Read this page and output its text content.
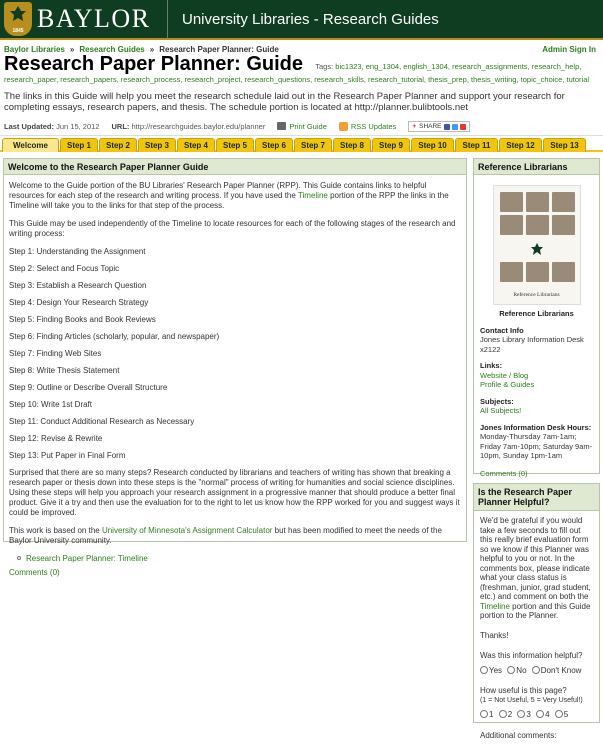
1845 BAYLOR University Libraries - Research Guides
Baylor Libraries » Research Guides » Research Paper Planner: Guide	Admin Sign In
Research Paper Planner: Guide Tags: bic1323, eng_1304, english_1304, research_assignments, research_help, research_paper, research_papers, research_process, research_project, research_questions, research_skills, research_tutorial, thesis_prep, thesis_writing, topic_choice, tutorial
The links in this Guide will help you meet the research schedule laid out in the Research Paper Planner and support your research for completing essays, research papers, and thesis. The schedule portion is located at http://planner.bulibtools.net
Last Updated: Jun 15, 2012 URL: http://researchguides.baylor.edu/planner	Print Guide	RSS Updates + SHARE
Welcome	Step 1	Step 2	Step 3	Step 4	Step 5	Step 6	Step 7	Step 8	Step 9	Step 10	Step 11	Step 12	Step 13
Welcome to the Research Paper Planner Guide

Welcome to the Guide portion of the BU Libraries' Research Paper Planner (RPP). This Guide contains links to helpful resources for each step of the research and writing process. If you have used the Timeline portion of the RPP the links in the Timeline will take you to the links for that step of the process.

This Guide may be used independently of the Timeline to locate resources for each of the following stages of the research and writing process:

Step 1: Understanding the Assignment
Step 2: Select and Focus Topic
Step 3: Establish a Research Question
Step 4: Design Your Research Strategy
Step 5: Finding Books and Book Reviews
Step 6: Finding Articles (scholarly, popular, and newspaper)
Step 7: Finding Web Sites
Step 8: Write Thesis Statement
Step 9: Outline or Describe Overall Structure
Step 10: Write 1st Draft
Step 11: Conduct Additional Research as Necessary
Step 12: Revise & Rewrite
Step 13: Put Paper in Final Form

Surprised that there are so many steps? Research conducted by librarians and teachers of writing has shown that breaking a research paper or thesis down into these steps is the "normal" process of writing for humanities and social science disciplines. Using these steps will help you approach your research assignment in a progressive manner that should produce a better final product. Give it a try and then use the evaluation for to the right to let us know how the RPP worked for you and suggest ways it could be improved.

This work is based on the University of Minnesota's Assignment Calculator but has been modified to meet the needs of the Baylor University community.

Research Paper Planner: Timeline
Comments (0)
Reference Librarians
Reference Librarians
Reference Librarians
Contact Info
Jones Library Information Desk
x2122
Links:
Website / Blog
Profile & Guides
Subjects:
All Subjects!
Jones Information Desk Hours:
Monday-Thursday 7am-1am; Friday 7am-10pm; Saturday 9am-10pm, Sunday 1pm-1am
Comments (0)
Is the Research Paper Planner Helpful?
We'd be grateful if you would take a few seconds to fill out this really brief evaluation form so we know if this Planner was helpful to you or not. In the comments box, please indicate what your class status is (freshman, junior, grad student, etc.) and comment on both the Timeline portion and this Guide portion to the Planner.
Thanks!
Was this information helpful?
Yes No Don't Know
How useful is this page?
(1 = Not Useful, 5 = Very Useful!)
1 2 3 4 5
Additional comments:
